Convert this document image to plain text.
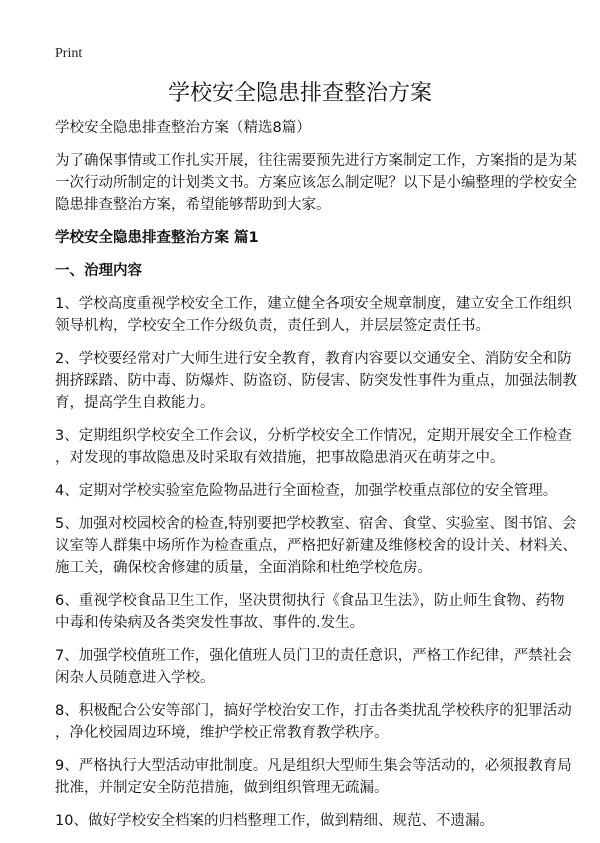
Print
学校安全隐患排查整治方案
学校安全隐患排查整治方案（精选8篇）
为了确保事情或工作扎实开展，往往需要预先进行方案制定工作，方案指的是为某
一次行动所制定的计划类文书。方案应该怎么制定呢？以下是小编整理的学校安全
隐患排查整治方案，希望能够帮助到大家。
学校安全隐患排查整治方案 篇1
一、治理内容
1、学校高度重视学校安全工作，建立健全各项安全规章制度，建立安全工作组织
领导机构，学校安全工作分级负责，责任到人，并层层签定责任书。
2、学校要经常对广大师生进行安全教育，教育内容要以交通安全、消防安全和防
拥挤踩踏、防中毒、防爆炸、防盗窃、防侵害、防突发性事件为重点，加强法制教
育，提高学生自救能力。
3、定期组织学校安全工作会议，分析学校安全工作情况，定期开展安全工作检查
，对发现的事故隐患及时采取有效措施，把事故隐患消灭在萌芽之中。
4、定期对学校实验室危险物品进行全面检查，加强学校重点部位的安全管理。
5、加强对校园校舍的检查,特别要把学校教室、宿舍、食堂、实验室、图书馆、会
议室等人群集中场所作为检查重点，严格把好新建及维修校舍的设计关、材料关、
施工关，确保校舍修建的质量，全面消除和杜绝学校危房。
6、重视学校食品卫生工作，坚决贯彻执行《食品卫生法》，防止师生食物、药物
中毒和传染病及各类突发性事故、事件的.发生。
7、加强学校值班工作，强化值班人员门卫的责任意识，严格工作纪律，严禁社会
闲杂人员随意进入学校。
8、积极配合公安等部门，搞好学校治安工作，打击各类扰乱学校秩序的犯罪活动
，净化校园周边环境，维护学校正常教育教学秩序。
9、严格执行大型活动审批制度。凡是组织大型师生集会等活动的，必须报教育局
批准，并制定安全防范措施，做到组织管理无疏漏。
10、做好学校安全档案的归档整理工作，做到精细、规范、不遗漏。
